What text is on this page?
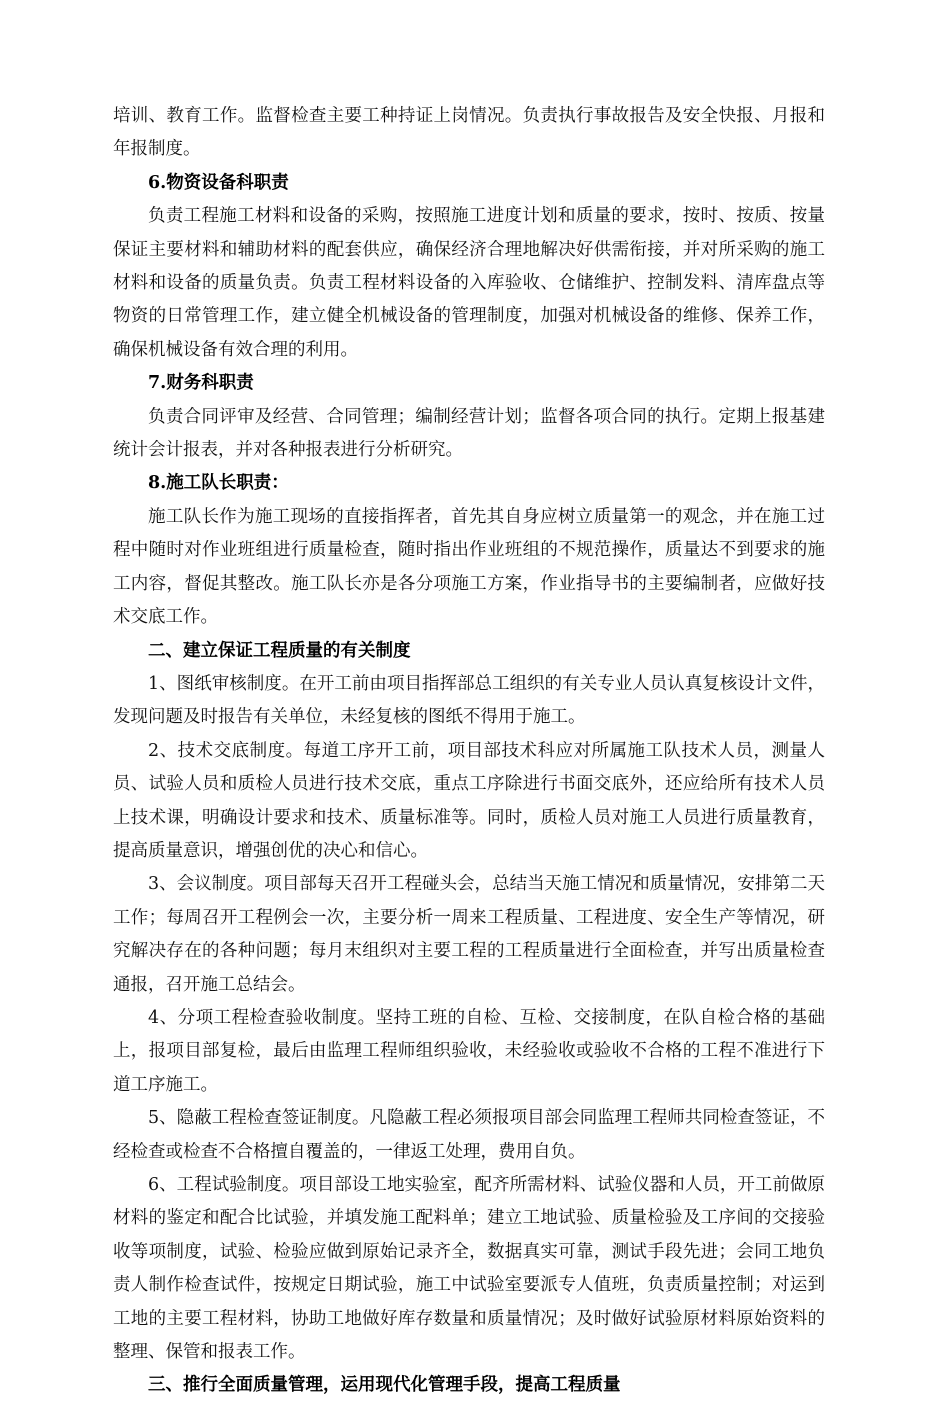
培训、教育工作。监督检查主要工种持证上岗情况。负责执行事故报告及安全快报、月报和年报制度。

6.物资设备科职责

负责工程施工材料和设备的采购，按照施工进度计划和质量的要求，按时、按质、按量保证主要材料和辅助材料的配套供应，确保经济合理地解决好供需衔接，并对所采购的施工材料和设备的质量负责。负责工程材料设备的入库验收、仓储维护、控制发料、清库盘点等物资的日常管理工作，建立健全机械设备的管理制度，加强对机械设备的维修、保养工作，确保机械设备有效合理的利用。

7.财务科职责

负责合同评审及经营、合同管理；编制经营计划；监督各项合同的执行。定期上报基建统计会计报表，并对各种报表进行分析研究。

8.施工队长职责：

施工队长作为施工现场的直接指挥者，首先其自身应树立质量第一的观念，并在施工过程中随时对作业班组进行质量检查，随时指出作业班组的不规范操作，质量达不到要求的施工内容，督促其整改。施工队长亦是各分项施工方案，作业指导书的主要编制者，应做好技术交底工作。

二、建立保证工程质量的有关制度

1、图纸审核制度。在开工前由项目指挥部总工组织的有关专业人员认真复核设计文件，发现问题及时报告有关单位，未经复核的图纸不得用于施工。

2、技术交底制度。每道工序开工前，项目部技术科应对所属施工队技术人员，测量人员、试验人员和质检人员进行技术交底，重点工序除进行书面交底外，还应给所有技术人员上技术课，明确设计要求和技术、质量标准等。同时，质检人员对施工人员进行质量教育，提高质量意识，增强创优的决心和信心。

3、会议制度。项目部每天召开工程碰头会，总结当天施工情况和质量情况，安排第二天工作；每周召开工程例会一次，主要分析一周来工程质量、工程进度、安全生产等情况，研究解决存在的各种问题；每月末组织对主要工程的工程质量进行全面检查，并写出质量检查通报，召开施工总结会。

4、分项工程检查验收制度。坚持工班的自检、互检、交接制度，在队自检合格的基础上，报项目部复检，最后由监理工程师组织验收，未经验收或验收不合格的工程不准进行下道工序施工。

5、隐蔽工程检查签证制度。凡隐蔽工程必须报项目部会同监理工程师共同检查签证，不经检查或检查不合格擅自覆盖的，一律返工处理，费用自负。

6、工程试验制度。项目部设工地实验室，配齐所需材料、试验仪器和人员，开工前做原材料的鉴定和配合比试验，并填发施工配料单；建立工地试验、质量检验及工序间的交接验收等项制度，试验、检验应做到原始记录齐全，数据真实可靠，测试手段先进；会同工地负责人制作检查试件，按规定日期试验，施工中试验室要派专人值班，负责质量控制；对运到工地的主要工程材料，协助工地做好库存数量和质量情况；及时做好试验原材料原始资料的整理、保管和报表工作。

三、推行全面质量管理，运用现代化管理手段，提高工程质量
